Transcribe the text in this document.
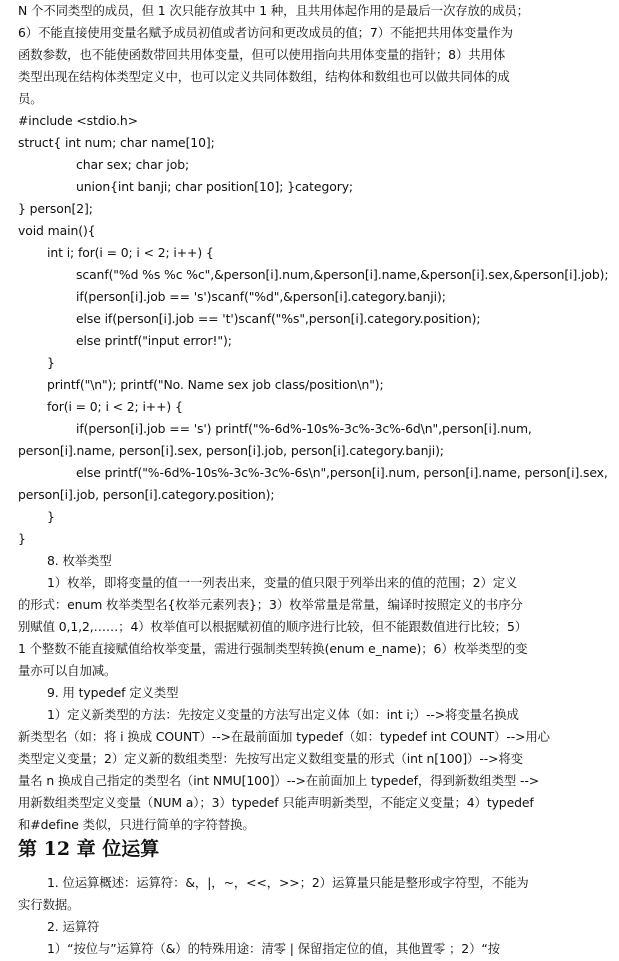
N 个不同类型的成员，但 1 次只能存放其中 1 种，且共用体起作用的是最后一次存放的成员；
6）不能直接使用变量名赋予成员初值或者访问和更改成员的值；7）不能把共用体变量作为
函数参数，也不能使函数带回共用体变量，但可以使用指向共用体变量的指针；8）共用体
类型出现在结构体类型定义中，也可以定义共同体数组，结构体和数组也可以做共同体的成
员。
#include <stdio.h>
struct{ int num; char name[10];
char sex; char job;
union{int banji; char position[10]; }category;
} person[2];
void main(){
int i; for(i = 0; i < 2; i++) {
scanf("%d %s %c %c",&person[i].num,&person[i].name,&person[i].sex,&person[i].job);
if(person[i].job == 's')scanf("%d",&person[i].category.banji);
else if(person[i].job == 't')scanf("%s",person[i].category.position);
else printf("input error!");
}
printf("\n"); printf("No. Name sex job class/position\n");
for(i = 0; i < 2; i++) {
if(person[i].job == 's') printf("%-6d%-10s%-3c%-3c%-6d\n",person[i].num,
person[i].name, person[i].sex, person[i].job, person[i].category.banji);
else printf("%-6d%-10s%-3c%-3c%-6s\n",person[i].num, person[i].name, person[i].sex,
person[i].job, person[i].category.position);
}
}
8. 枚举类型
1）枚举，即将变量的值一一列表出来，变量的值只限于列举出来的值的范围；2）定义
的形式：enum 枚举类型名{枚举元素列表}；3）枚举常量是常量，编译时按照定义的书序分
别赋值 0,1,2,……；4）枚举值可以根据赋初值的顺序进行比较，但不能跟数值进行比较；5）
1 个整数不能直接赋值给枚举变量，需进行强制类型转换(enum e_name)；6）枚举类型的变
量亦可以自加减。
9. 用 typedef 定义类型
1）定义新类型的方法：先按定义变量的方法写出定义体（如：int i;）-->将变量名换成
新类型名（如：将 i 换成 COUNT）-->在最前面加 typedef（如：typedef int COUNT）-->用心
类型定义变量；2）定义新的数组类型：先按写出定义数组变量的形式（int n[100]）-->将变
量名 n 换成自己指定的类型名（int NMU[100]）-->在前面加上 typedef，得到新数组类型 -->
用新数组类型定义变量（NUM a）；3）typedef 只能声明新类型，不能定义变量；4）typedef
和#define 类似，只进行简单的字符替换。
第 12 章 位运算
1. 位运算概述：运算符：&，|，~，<<，>>；2）运算量只能是整形或字符型，不能为
实行数据。
2. 运算符
1）“按位与”运算符（&）的特殊用途：清零 | 保留指定位的值，其他置零 ；2）“按
